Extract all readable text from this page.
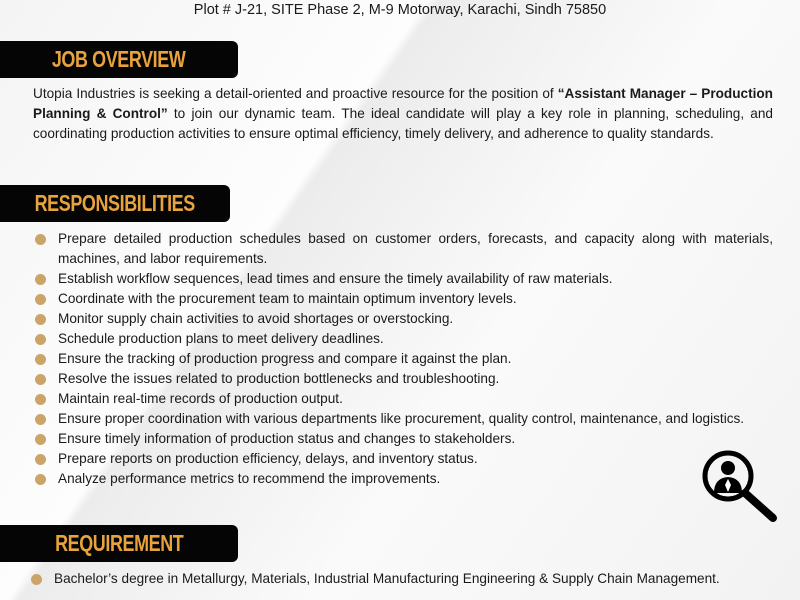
Plot # J-21, SITE Phase 2, M-9 Motorway, Karachi, Sindh 75850
JOB OVERVIEW
Utopia Industries is seeking a detail-oriented and proactive resource for the position of “Assistant Manager – Production Planning & Control” to join our dynamic team. The ideal candidate will play a key role in planning, scheduling, and coordinating production activities to ensure optimal efficiency, timely delivery, and adherence to quality standards.
RESPONSIBILITIES
Prepare detailed production schedules based on customer orders, forecasts, and capacity along with materials, machines, and labor requirements.
Establish workflow sequences, lead times and ensure the timely availability of raw materials.
Coordinate with the procurement team to maintain optimum inventory levels.
Monitor supply chain activities to avoid shortages or overstocking.
Schedule production plans to meet delivery deadlines.
Ensure the tracking of production progress and compare it against the plan.
Resolve the issues related to production bottlenecks and troubleshooting.
Maintain real-time records of production output.
Ensure proper coordination with various departments like procurement, quality control, maintenance, and logistics.
Ensure timely information of production status and changes to stakeholders.
Prepare reports on production efficiency, delays, and inventory status.
Analyze performance metrics to recommend the improvements.
REQUIREMENT
Bachelor’s degree in Metallurgy, Materials, Industrial Manufacturing Engineering & Supply Chain Management.
